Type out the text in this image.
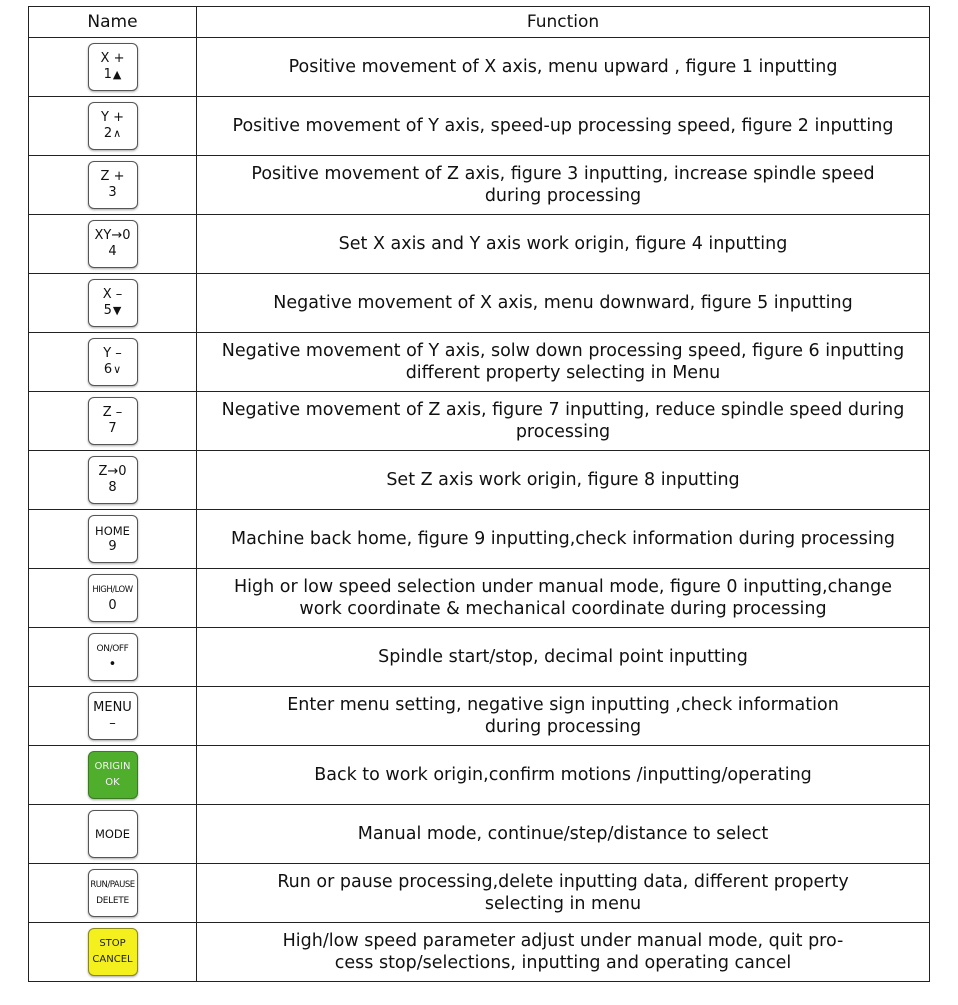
Name	Function

X +
1▲	Positive movement of X axis, menu upward , figure 1 inputting

Y +
2∧	Positive movement of Y axis, speed-up processing speed, figure 2 inputting

Z +
3	Positive movement of Z axis, figure 3 inputting, increase spindle speed
during processing

XY→0
4	Set X axis and Y axis work origin, figure 4 inputting

X –
5▼	Negative movement of X axis, menu downward, figure 5 inputting

Y –
6∨	Negative movement of Y axis, solw down processing speed, figure 6 inputting
different property selecting in Menu

Z –
7	Negative movement of Z axis, figure 7 inputting, reduce spindle speed during
processing

Z→0
8	Set Z axis work origin, figure 8 inputting

HOME
9	Machine back home, figure 9 inputting,check information during processing

HIGH/LOW
0	High or low speed selection under manual mode, figure 0 inputting,change
work coordinate & mechanical coordinate during processing

ON/OFF
•	Spindle start/stop, decimal point inputting

MENU
–	Enter menu setting, negative sign inputting ,check information
during processing

ORIGIN
OK	Back to work origin,confirm motions /inputting/operating

MODE	Manual mode, continue/step/distance to select

RUN/PAUSE
DELETE	Run or pause processing,delete inputting data, different property
selecting in menu

STOP
CANCEL	High/low speed parameter adjust under manual mode, quit pro-
cess stop/selections, inputting and operating cancel
